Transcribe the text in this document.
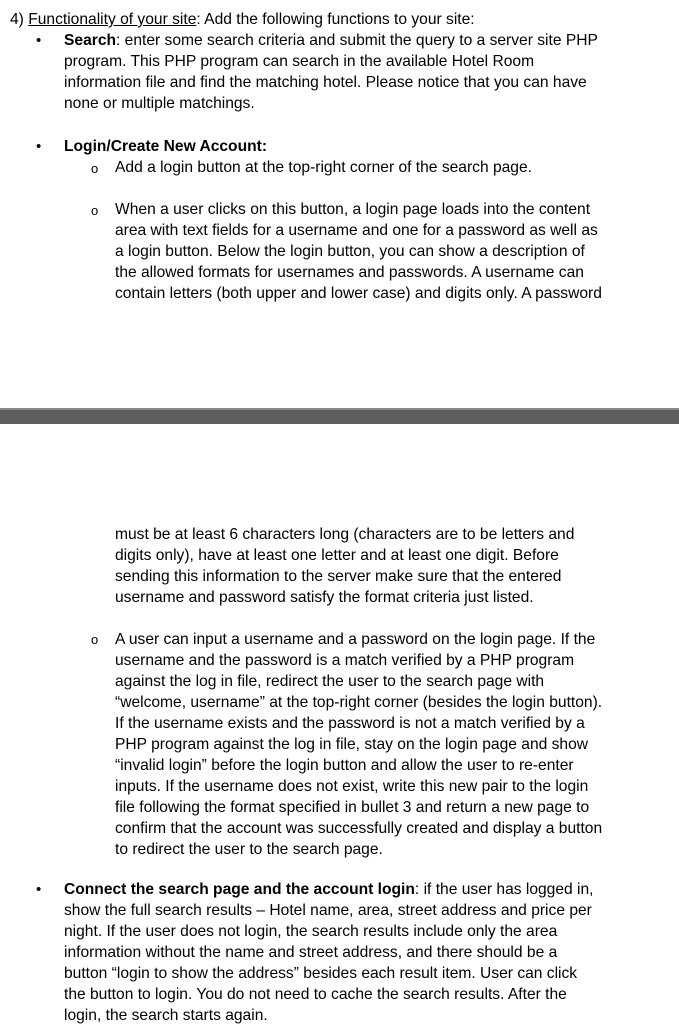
4) Functionality of your site: Add the following functions to your site:
• Search: enter some search criteria and submit the query to a server site PHP
program. This PHP program can search in the available Hotel Room
information file and find the matching hotel. Please notice that you can have
none or multiple matchings.
• Login/Create New Account:
o Add a login button at the top-right corner of the search page.
o When a user clicks on this button, a login page loads into the content
area with text fields for a username and one for a password as well as
a login button. Below the login button, you can show a description of
the allowed formats for usernames and passwords. A username can
contain letters (both upper and lower case) and digits only. A password
must be at least 6 characters long (characters are to be letters and
digits only), have at least one letter and at least one digit. Before
sending this information to the server make sure that the entered
username and password satisfy the format criteria just listed.
o A user can input a username and a password on the login page. If the
username and the password is a match verified by a PHP program
against the log in file, redirect the user to the search page with
“welcome, username” at the top-right corner (besides the login button).
If the username exists and the password is not a match verified by a
PHP program against the log in file, stay on the login page and show
“invalid login” before the login button and allow the user to re-enter
inputs. If the username does not exist, write this new pair to the login
file following the format specified in bullet 3 and return a new page to
confirm that the account was successfully created and display a button
to redirect the user to the search page.
• Connect the search page and the account login: if the user has logged in,
show the full search results – Hotel name, area, street address and price per
night. If the user does not login, the search results include only the area
information without the name and street address, and there should be a
button “login to show the address” besides each result item. User can click
the button to login. You do not need to cache the search results. After the
login, the search starts again.
